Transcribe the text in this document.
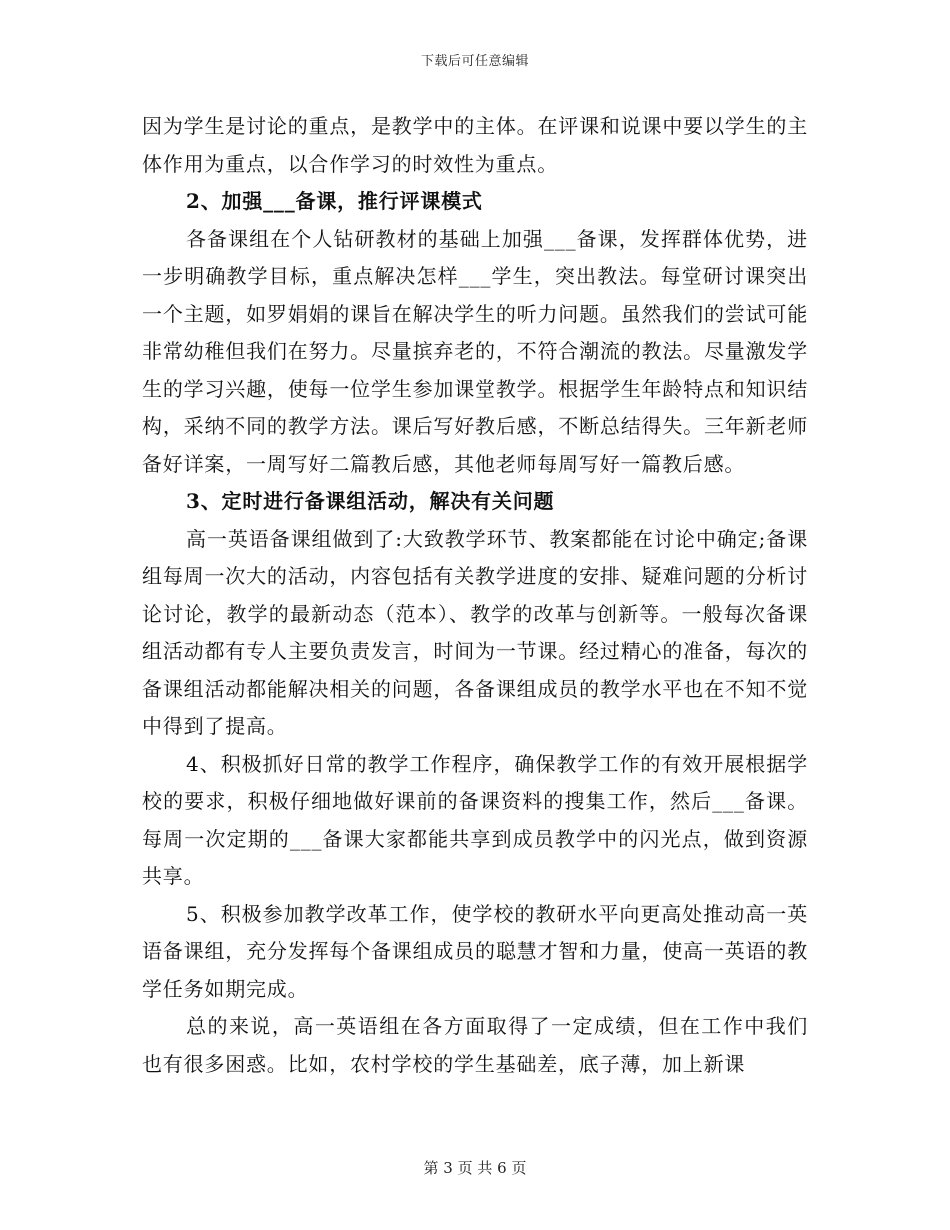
下载后可任意编辑

因为学生是讨论的重点，是教学中的主体。在评课和说课中要以学生的主体作用为重点，以合作学习的时效性为重点。

2、加强___备课，推行评课模式

各备课组在个人钻研教材的基础上加强___备课，发挥群体优势，进一步明确教学目标，重点解决怎样___学生，突出教法。每堂研讨课突出一个主题，如罗娟娟的课旨在解决学生的听力问题。虽然我们的尝试可能非常幼稚但我们在努力。尽量摈弃老的，不符合潮流的教法。尽量激发学生的学习兴趣，使每一位学生参加课堂教学。根据学生年龄特点和知识结构，采纳不同的教学方法。课后写好教后感，不断总结得失。三年新老师备好详案，一周写好二篇教后感，其他老师每周写好一篇教后感。

3、定时进行备课组活动，解决有关问题

高一英语备课组做到了:大致教学环节、教案都能在讨论中确定;备课组每周一次大的活动，内容包括有关教学进度的安排、疑难问题的分析讨论讨论，教学的最新动态（范本）、教学的改革与创新等。一般每次备课组活动都有专人主要负责发言，时间为一节课。经过精心的准备，每次的备课组活动都能解决相关的问题，各备课组成员的教学水平也在不知不觉中得到了提高。

4、积极抓好日常的教学工作程序，确保教学工作的有效开展根据学校的要求，积极仔细地做好课前的备课资料的搜集工作，然后___备课。每周一次定期的___备课大家都能共享到成员教学中的闪光点，做到资源共享。

5、积极参加教学改革工作，使学校的教研水平向更高处推动高一英语备课组，充分发挥每个备课组成员的聪慧才智和力量，使高一英语的教学任务如期完成。

总的来说，高一英语组在各方面取得了一定成绩，但在工作中我们也有很多困惑。比如，农村学校的学生基础差，底子薄，加上新课

第 3 页 共 6 页
